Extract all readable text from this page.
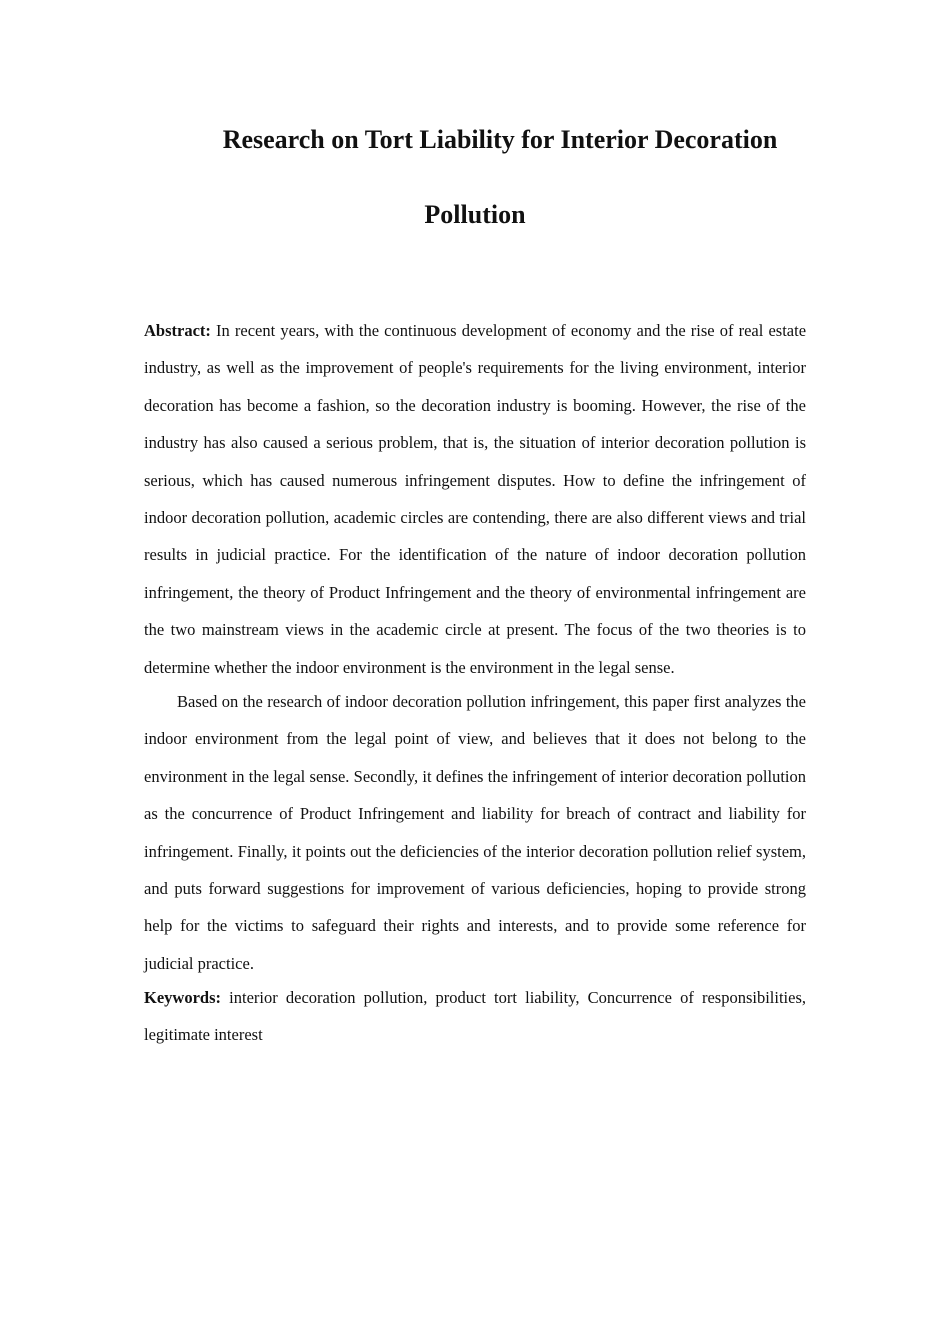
Research on Tort Liability for Interior Decoration
Pollution

Abstract: In recent years, with the continuous development of economy and the rise of real estate industry, as well as the improvement of people's requirements for the living environment, interior decoration has become a fashion, so the decoration industry is booming. However, the rise of the industry has also caused a serious problem, that is, the situation of interior decoration pollution is serious, which has caused numerous infringement disputes. How to define the infringement of indoor decoration pollution, academic circles are contending, there are also different views and trial results in judicial practice. For the identification of the nature of indoor decoration pollution infringement, the theory of Product Infringement and the theory of environmental infringement are the two mainstream views in the academic circle at present. The focus of the two theories is to determine whether the indoor environment is the environment in the legal sense.

Based on the research of indoor decoration pollution infringement, this paper first analyzes the indoor environment from the legal point of view, and believes that it does not belong to the environment in the legal sense. Secondly, it defines the infringement of interior decoration pollution as the concurrence of Product Infringement and liability for breach of contract and liability for infringement. Finally, it points out the deficiencies of the interior decoration pollution relief system, and puts forward suggestions for improvement of various deficiencies, hoping to provide strong help for the victims to safeguard their rights and interests, and to provide some reference for judicial practice.

Keywords: interior decoration pollution, product tort liability, Concurrence of responsibilities, legitimate interest
